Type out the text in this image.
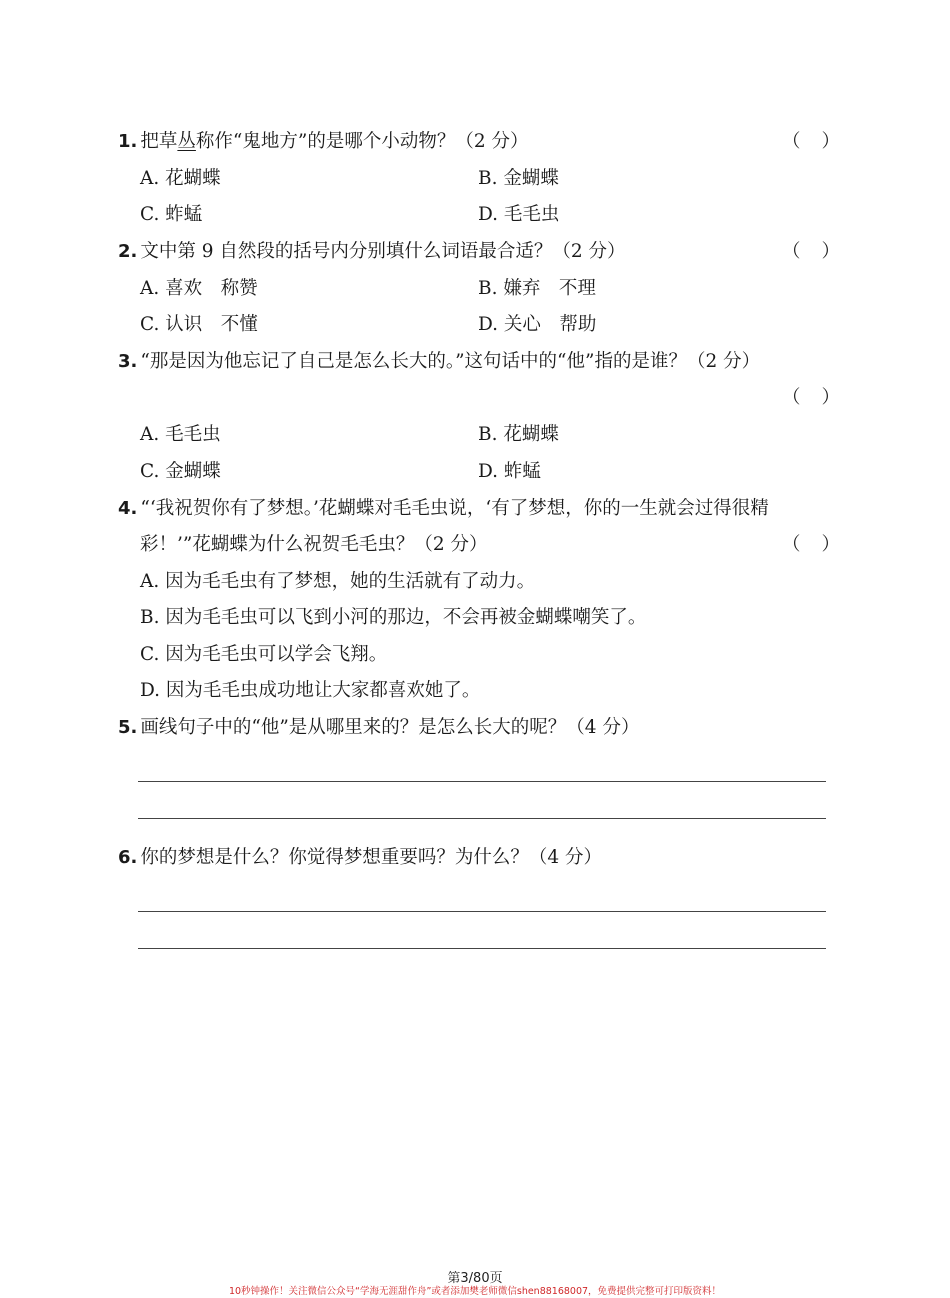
1. 把草丛称作“鬼地方”的是哪个小动物？（2 分）	（ ）
A. 花蝴蝶	B. 金蝴蝶
C. 蚱蜢	D. 毛毛虫
2. 文中第 9 自然段的括号内分别填什么词语最合适？（2 分）	（ ）
A. 喜欢　称赞	B. 嫌弃　不理
C. 认识　不懂	D. 关心　帮助
3. “那是因为他忘记了自己是怎么长大的。”这句话中的“他”指的是谁？（2 分）
（ ）
A. 毛毛虫	B. 花蝴蝶
C. 金蝴蝶	D. 蚱蜢
4. “‘我祝贺你有了梦想。’花蝴蝶对毛毛虫说，‘有了梦想，你的一生就会过得很精
彩！’”花蝴蝶为什么祝贺毛毛虫？（2 分）	（ ）
A. 因为毛毛虫有了梦想，她的生活就有了动力。
B. 因为毛毛虫可以飞到小河的那边，不会再被金蝴蝶嘲笑了。
C. 因为毛毛虫可以学会飞翔。
D. 因为毛毛虫成功地让大家都喜欢她了。
5. 画线句子中的“他”是从哪里来的？是怎么长大的呢？（4 分）
6. 你的梦想是什么？你觉得梦想重要吗？为什么？（4 分）
第3/80页
10秒钟操作！关注微信公众号“学海无涯甜作舟”或者添加樊老师微信shen88168007，免费提供完整可打印版资料！
